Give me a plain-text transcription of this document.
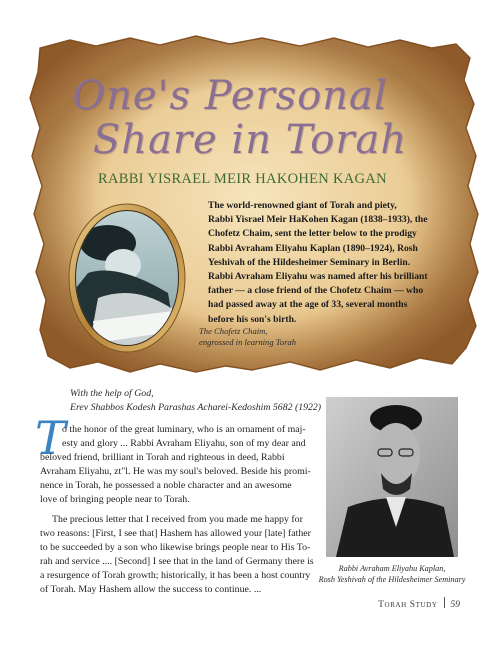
One's Personal
Share in Torah
RABBI YISRAEL MEIR HAKOHEN KAGAN
The world-renowned giant of Torah and piety,
Rabbi Yisrael Meir HaKohen Kagan (1838–1933), the
Chofetz Chaim, sent the letter below to the prodigy
Rabbi Avraham Eliyahu Kaplan (1890–1924), Rosh
Yeshivah of the Hildesheimer Seminary in Berlin.
Rabbi Avraham Eliyahu was named after his brilliant
father — a close friend of the Chofetz Chaim — who
had passed away at the age of 33, several months
before his son's birth.
The Chofetz Chaim,
engrossed in learning Torah
With the help of God,
Erev Shabbos Kodesh Parashas Acharei-Kedoshim 5682 (1922)
T
o the honor of the great luminary, who is an ornament of maj-
esty and glory ... Rabbi Avraham Eliyahu, son of my dear and
beloved friend, brilliant in Torah and righteous in deed, Rabbi
Avraham Eliyahu, zt"l. He was my soul's beloved. Beside his promi-
nence in Torah, he possessed a noble character and an awesome
love of bringing people near to Torah.
The precious letter that I received from you made me happy for
two reasons: [First, I see that] Hashem has allowed your [late] father
to be succeeded by a son who likewise brings people near to His To-
rah and service .... [Second] I see that in the land of Germany there is
a resurgence of Torah growth; historically, it has been a host country
of Torah. May Hashem allow the success to continue. ...
Rabbi Avraham Eliyahu Kaplan,
Rosh Yeshivah of the Hildesheimer Seminary
Torah Study 59
